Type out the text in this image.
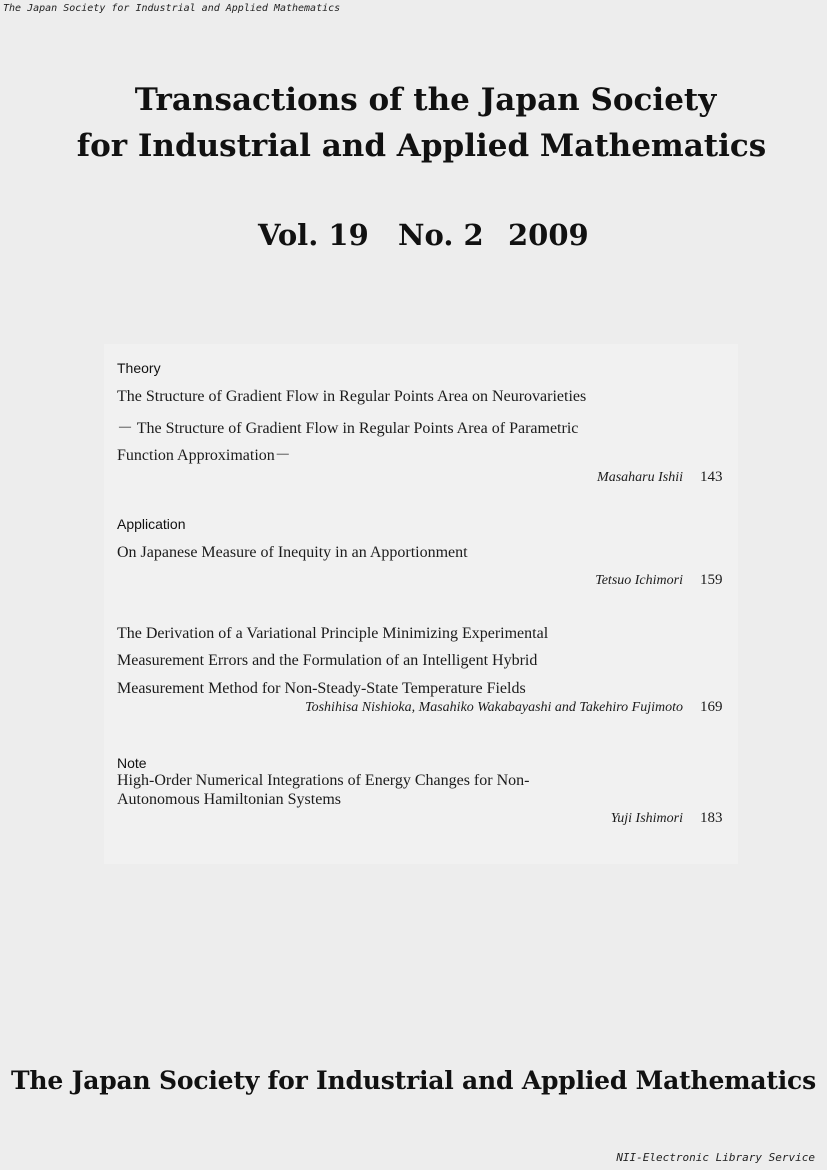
The Japan Society for Industrial and Applied Mathematics
Transactions of the Japan Society
for Industrial and Applied Mathematics
Vol. 19 No. 2 2009
Theory
The Structure of Gradient Flow in Regular Points Area on Neurovarieties
－ The Structure of Gradient Flow in Regular Points Area of Parametric
Function Approximation－
Masaharu Ishii 143
Application
On Japanese Measure of Inequity in an Apportionment
Tetsuo Ichimori 159
The Derivation of a Variational Principle Minimizing Experimental
Measurement Errors and the Formulation of an Intelligent Hybrid
Measurement Method for Non-Steady-State Temperature Fields
Toshihisa Nishioka, Masahiko Wakabayashi and Takehiro Fujimoto 169
Note
High-Order Numerical Integrations of Energy Changes for Non-
Autonomous Hamiltonian Systems
Yuji Ishimori 183
The Japan Society for Industrial and Applied Mathematics
NII-Electronic Library Service
